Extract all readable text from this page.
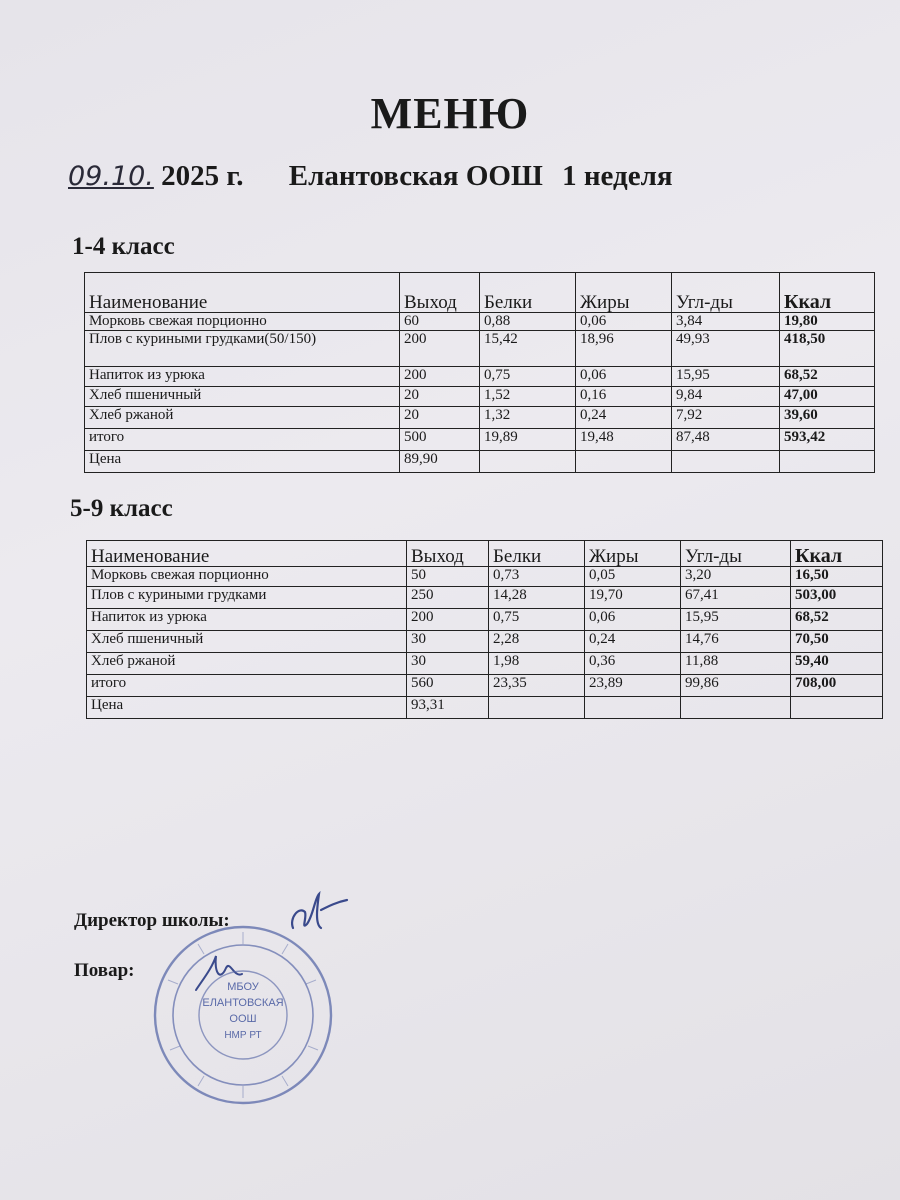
МЕНЮ
09.10. 2025 г. Елантовская ООШ 1 неделя
1-4 класс
Наименование	Выход	Белки	Жиры	Угл-ды	Ккал
Морковь свежая порционно	60	0,88	0,06	3,84	19,80
Плов с куриными грудками(50/150)	200	15,42	18,96	49,93	418,50
Напиток из урюка	200	0,75	0,06	15,95	68,52
Хлеб пшеничный	20	1,52	0,16	9,84	47,00
Хлеб ржаной	20	1,32	0,24	7,92	39,60
итого	500	19,89	19,48	87,48	593,42
Цена	89,90				
5-9 класс
Наименование	Выход	Белки	Жиры	Угл-ды	Ккал
Морковь свежая порционно	50	0,73	0,05	3,20	16,50
Плов с куриными грудками	250	14,28	19,70	67,41	503,00
Напиток из урюка	200	0,75	0,06	15,95	68,52
Хлеб пшеничный	30	2,28	0,24	14,76	70,50
Хлеб ржаной	30	1,98	0,36	11,88	59,40
итого	560	23,35	23,89	99,86	708,00
Цена	93,31				
Директор школы:
Повар:
МБОУ
ЕЛАНТОВСКАЯ
ООШ
НМР РТ
